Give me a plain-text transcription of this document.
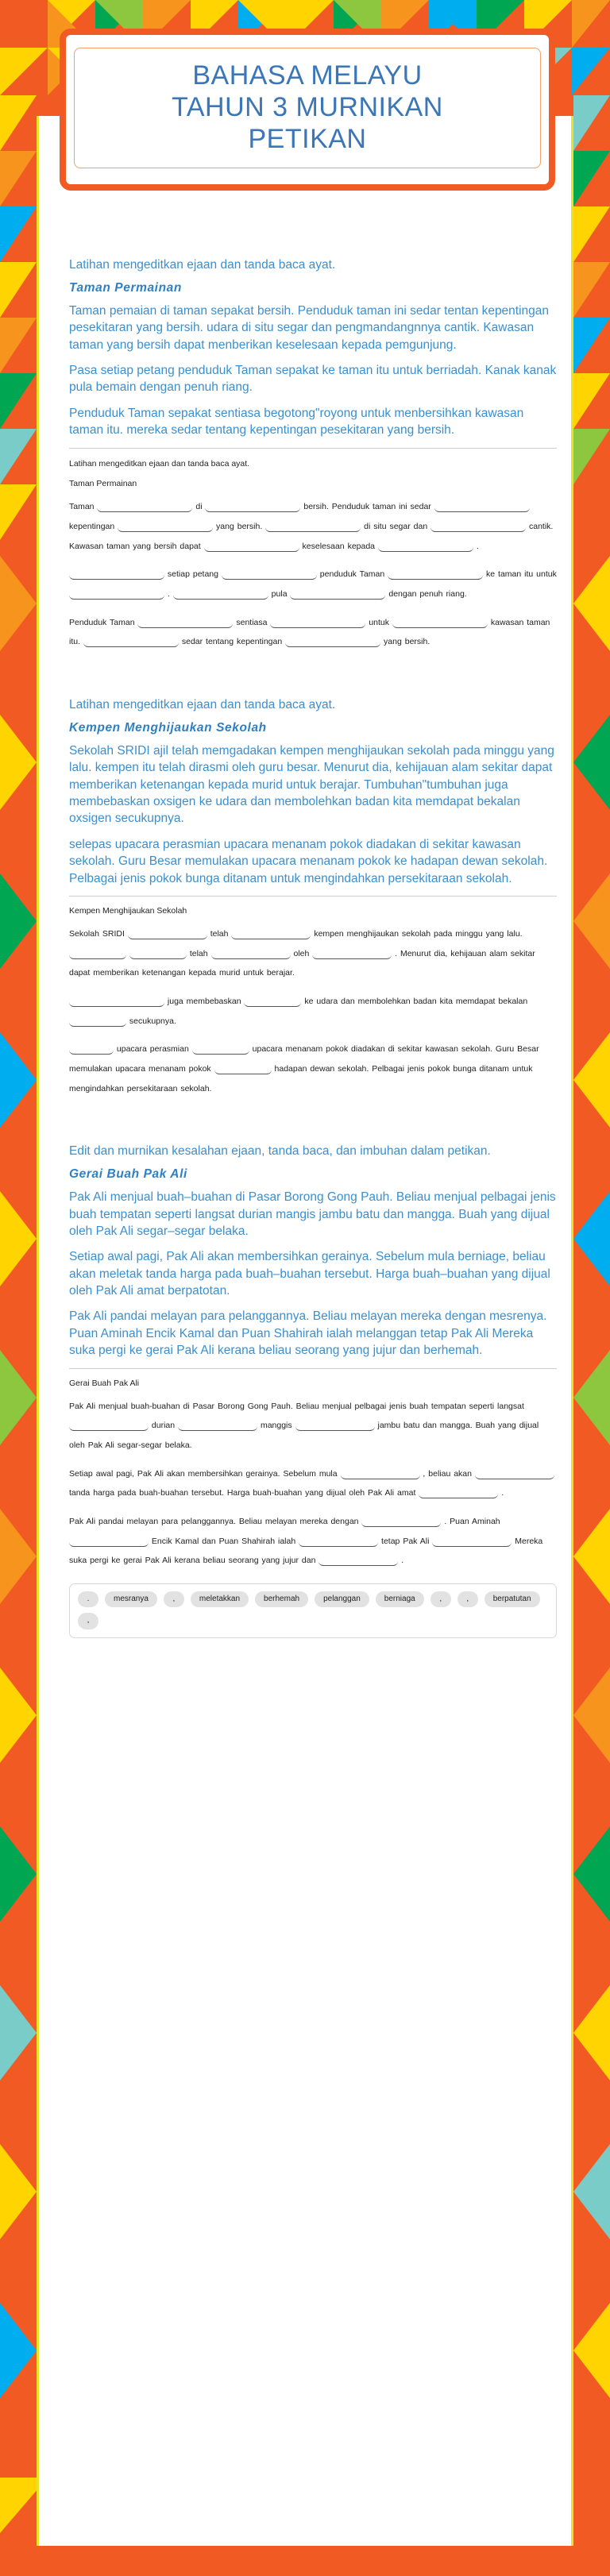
BAHASA MELAYU
TAHUN 3 MURNIKAN
PETIKAN
Latihan mengeditkan ejaan dan tanda baca ayat.
Taman Permainan
Taman pemaian di taman sepakat bersih. Penduduk taman ini sedar tentan kepentingan pesekitaran yang bersih. udara di situ segar dan pengmandangnnya cantik. Kawasan taman yang bersih dapat menberikan keselesaan kepada pemgunjung.
Pasa setiap petang penduduk Taman sepakat ke taman itu untuk berriadah. Kanak kanak pula bemain dengan penuh riang.
Penduduk Taman sepakat sentiasa begotong"royong untuk menbersihkan kawasan taman itu. mereka sedar tentang kepentingan pesekitaran yang bersih.
Latihan mengeditkan ejaan dan tanda baca ayat.
Taman Permainan
Taman	di	bersih. Penduduk taman ini sedar  kepentingan	yang bersih.	di situ segar dan	cantik. Kawasan taman yang bersih dapat	keselesaan kepada	.
setiap petang	penduduk Taman	ke taman itu untuk  .	pula	dengan penuh riang.
Penduduk Taman	sentiasa	untuk	kawasan taman itu.	sedar tentang kepentingan	yang bersih.
Latihan mengeditkan ejaan dan tanda baca ayat.
Kempen Menghijaukan Sekolah
Sekolah SRIDI ajil telah memgadakan kempen menghijaukan sekolah pada minggu yang lalu. kempen itu telah dirasmi oleh guru besar. Menurut dia, kehijauan alam sekitar dapat memberikan ketenangan kepada murid untuk berajar. Tumbuhan"tumbuhan juga membebaskan oxsigen ke udara dan membolehkan badan kita memdapat bekalan oxsigen secukupnya.
selepas upacara perasmian upacara menanam pokok diadakan di sekitar kawasan sekolah. Guru Besar memulakan upacara menanam pokok ke hadapan dewan sekolah. Pelbagai jenis pokok bunga ditanam untuk mengindahkan persekitaraan sekolah.
Kempen Menghijaukan Sekolah
Sekolah SRIDI	telah	kempen menghijaukan sekolah pada minggu yang lalu.   telah	oleh	. Menurut dia, kehijauan alam sekitar dapat memberikan ketenangan kepada murid untuk berajar.
juga membebaskan	ke udara dan membolehkan badan kita memdapat bekalan  secukupnya.
upacara perasmian	upacara menanam pokok diadakan di sekitar kawasan sekolah. Guru Besar memulakan upacara menanam pokok	hadapan dewan sekolah. Pelbagai jenis pokok bunga ditanam untuk mengindahkan persekitaraan sekolah.
Edit dan murnikan kesalahan ejaan, tanda baca, dan imbuhan dalam petikan.
Gerai Buah Pak Ali
Pak Ali menjual buah–buahan di Pasar Borong Gong Pauh. Beliau menjual pelbagai jenis buah tempatan seperti langsat durian mangis jambu batu dan mangga. Buah yang dijual oleh Pak Ali segar–segar belaka.
Setiap awal pagi, Pak Ali akan membersihkan gerainya. Sebelum mula berniage, beliau akan meletak tanda harga pada buah–buahan tersebut. Harga buah–buahan yang dijual oleh Pak Ali amat berpatotan.
Pak Ali pandai melayan para pelanggannya. Beliau melayan mereka dengan mesrenya. Puan Aminah Encik Kamal dan Puan Shahirah ialah melanggan tetap Pak Ali Mereka suka pergi ke gerai Pak Ali kerana beliau seorang yang jujur dan berhemah.
Gerai Buah Pak Ali
Pak Ali menjual buah-buahan di Pasar Borong Gong Pauh. Beliau menjual pelbagai jenis buah tempatan seperti langsat  durian	manggis	jambu batu dan mangga. Buah yang dijual oleh Pak Ali segar-segar belaka.
Setiap awal pagi, Pak Ali akan membersihkan gerainya. Sebelum mula	, beliau akan  tanda harga pada buah-buahan tersebut. Harga buah-buahan yang dijual oleh Pak Ali amat	.
Pak Ali pandai melayan para pelanggannya. Beliau melayan mereka dengan	. Puan Aminah  Encik Kamal dan Puan Shahirah ialah	tetap Pak Ali	Mereka suka pergi ke gerai Pak Ali kerana beliau seorang yang jujur dan	.
.	mesranya	,	meletakkan	berhemah	pelanggan	berniaga	,	,	berpatutan
,
